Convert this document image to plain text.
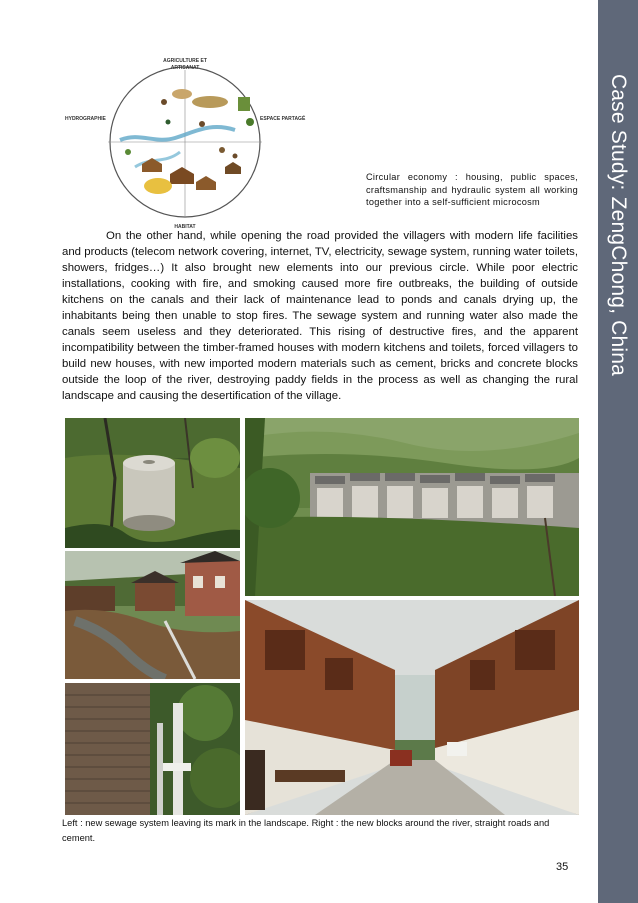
Case Study: ZengChong, China
AGRICULTURE ET
ARTISANAT
HYDROGRAPHIE	ESPACE PARTAGÉ
HABITAT
Circular economy : housing, public spaces, craftsmanship and hydraulic system all working together into a self-sufficient microcosm

On the other hand, while opening the road provided the villagers with modern life facilities and products (telecom network covering, internet, TV, electricity, sewage system, running water toilets, showers, fridges…) It also brought new elements into our previous circle. While poor electric installations, cooking with fire, and smoking caused more fire outbreaks, the building of outside kitchens on the canals and their lack of maintenance lead to ponds and canals drying up, the inhabitants being then unable to stop fires. The sewage system and running water also made the canals seem useless and they deteriorated. This rising of destructive fires, and the apparent incompatibility between the timber-framed houses with modern kitchens and toilets, forced villagers to build new houses, with new imported modern materials such as cement, bricks and concrete blocks outside the loop of the river, destroying paddy fields in the process as well as changing the rural landscape and causing the desertification of the village.

Left : new sewage system leaving its mark in the landscape. Right : the new blocks around the river, straight roads and cement.
35
